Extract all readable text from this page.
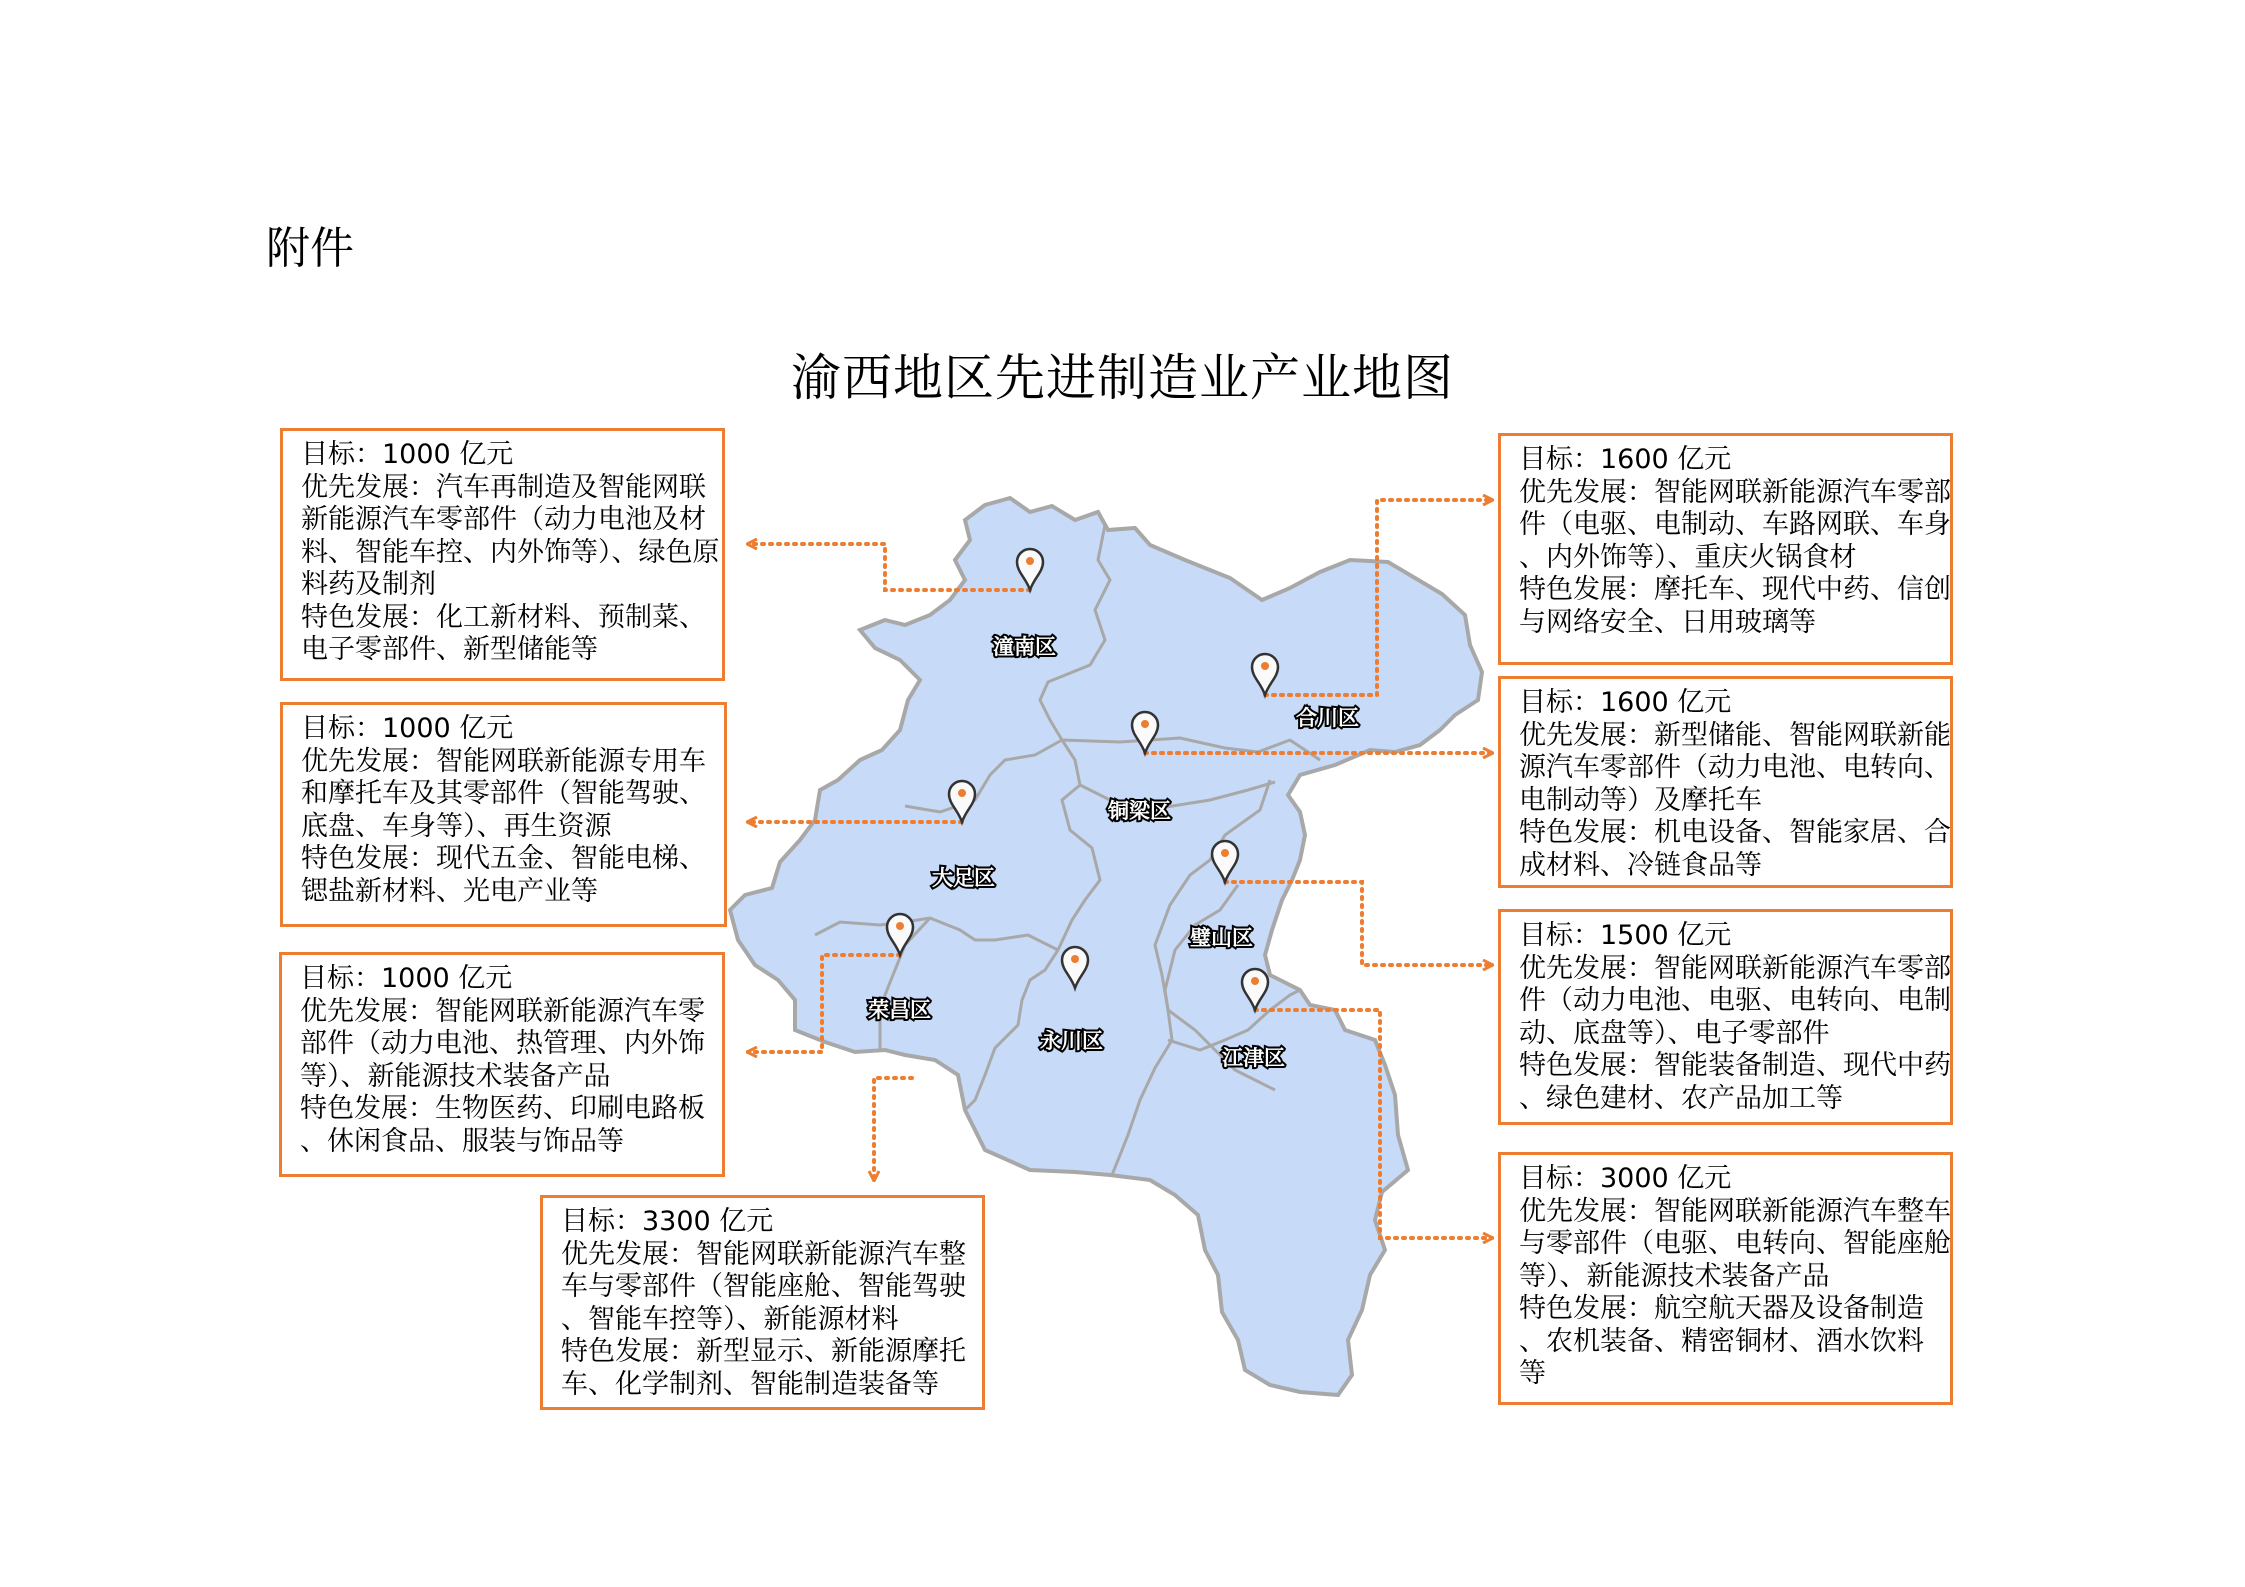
附件
渝西地区先进制造业产业地图
潼南区
合川区
铜梁区
大足区
璧山区
荣昌区
永川区
江津区
目标：1000 亿元
优先发展：汽车再制造及智能网联
新能源汽车零部件（动力电池及材
料、智能车控、内外饰等）、绿色原
料药及制剂
特色发展：化工新材料、预制菜、
电子零部件、新型储能等
目标：1000 亿元
优先发展：智能网联新能源专用车
和摩托车及其零部件（智能驾驶、
底盘、车身等）、再生资源
特色发展：现代五金、智能电梯、
锶盐新材料、光电产业等
目标：1000 亿元
优先发展：智能网联新能源汽车零
部件（动力电池、热管理、内外饰
等）、新能源技术装备产品
特色发展：生物医药、印刷电路板
、休闲食品、服装与饰品等
目标：3300 亿元
优先发展：智能网联新能源汽车整
车与零部件（智能座舱、智能驾驶
、智能车控等）、新能源材料
特色发展：新型显示、新能源摩托
车、化学制剂、智能制造装备等
目标：1600 亿元
优先发展：智能网联新能源汽车零部
件（电驱、电制动、车路网联、车身
、内外饰等）、重庆火锅食材
特色发展：摩托车、现代中药、信创
与网络安全、日用玻璃等
目标：1600 亿元
优先发展：新型储能、智能网联新能
源汽车零部件（动力电池、电转向、
电制动等）及摩托车
特色发展：机电设备、智能家居、合
成材料、冷链食品等
目标：1500 亿元
优先发展：智能网联新能源汽车零部
件（动力电池、电驱、电转向、电制
动、底盘等）、电子零部件
特色发展：智能装备制造、现代中药
、绿色建材、农产品加工等
目标：3000 亿元
优先发展：智能网联新能源汽车整车
与零部件（电驱、电转向、智能座舱
等）、新能源技术装备产品
特色发展：航空航天器及设备制造
、农机装备、精密铜材、酒水饮料
等
